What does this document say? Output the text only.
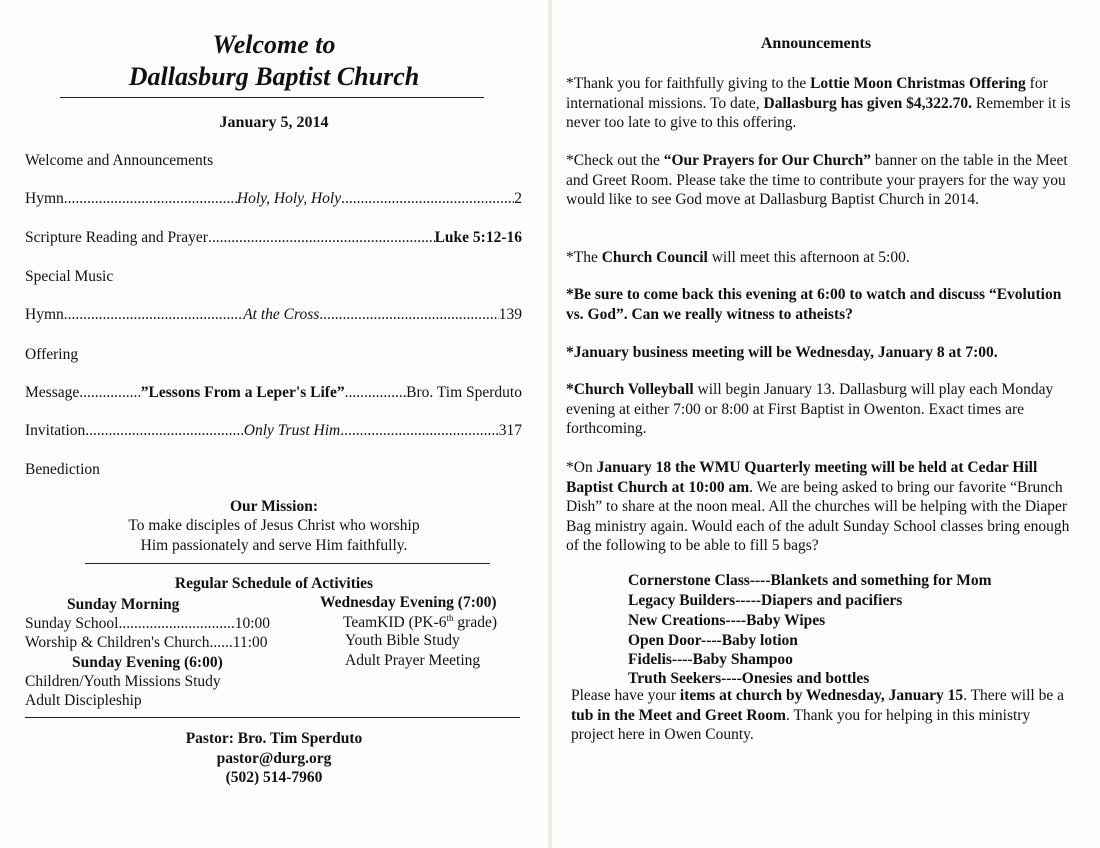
Welcome to
Dallasburg Baptist Church
January 5, 2014
Welcome and Announcements
Hymn .....	Holy, Holy, Holy .....	2
Scripture Reading and Prayer .....	Luke 5:12-16
Special Music
Hymn .....	At the Cross .....	139
Offering
Message .....	”Lessons From a Leper's Life” .....	Bro. Tim Sperduto
Invitation .....	Only Trust Him .....	317
Benediction
Our Mission:
To make disciples of Jesus Christ who worship
Him passionately and serve Him faithfully.
Regular Schedule of Activities
Sunday Morning
Sunday School..............................10:00
Worship & Children's Church......11:00
Sunday Evening (6:00)
Children/Youth Missions Study
Adult Discipleship
Wednesday Evening (7:00)
TeamKID (PK-6th grade)
Youth Bible Study
Adult Prayer Meeting
Pastor: Bro. Tim Sperduto
pastor@durg.org
(502) 514-7960
Announcements
*Thank you for faithfully giving to the Lottie Moon Christmas Offering for international missions. To date, Dallasburg has given $4,322.70. Remember it is never too late to give to this offering.
*Check out the “Our Prayers for Our Church” banner on the table in the Meet and Greet Room. Please take the time to contribute your prayers for the way you would like to see God move at Dallasburg Baptist Church in 2014.
*The Church Council will meet this afternoon at 5:00.
*Be sure to come back this evening at 6:00 to watch and discuss “Evolution vs. God”. Can we really witness to atheists?
*January business meeting will be Wednesday, January 8 at 7:00.
*Church Volleyball will begin January 13. Dallasburg will play each Monday evening at either 7:00 or 8:00 at First Baptist in Owenton. Exact times are forthcoming.
*On January 18 the WMU Quarterly meeting will be held at Cedar Hill Baptist Church at 10:00 am. We are being asked to bring our favorite “Brunch Dish” to share at the noon meal. All the churches will be helping with the Diaper Bag ministry again. Would each of the adult Sunday School classes bring enough of the following to be able to fill 5 bags?
Cornerstone Class----Blankets and something for Mom
Legacy Builders-----Diapers and pacifiers
New Creations----Baby Wipes
Open Door----Baby lotion
Fidelis----Baby Shampoo
Truth Seekers----Onesies and bottles
Please have your items at church by Wednesday, January 15. There will be a tub in the Meet and Greet Room. Thank you for helping in this ministry project here in Owen County.
